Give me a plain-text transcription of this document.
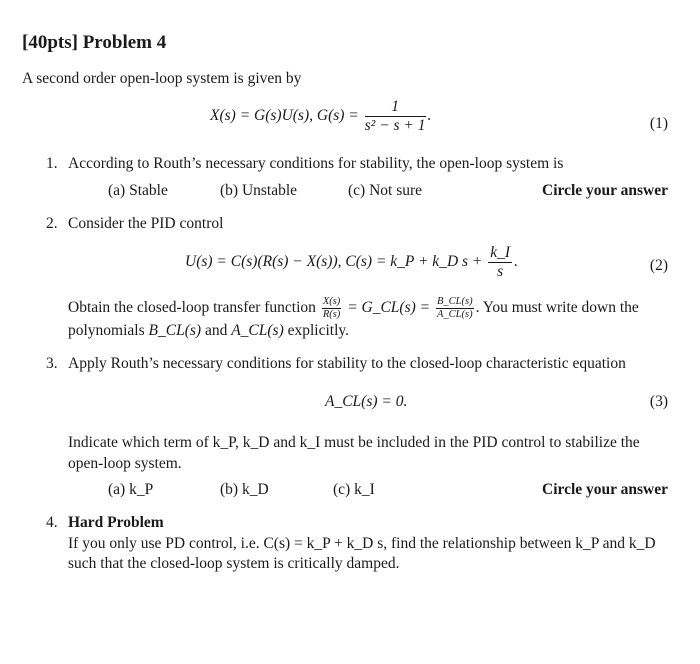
[40pts] Problem 4
A second order open-loop system is given by
X(s) = G(s)U(s), $G(s) = \frac{1}{\text{s² − s + 1}}$ .	(1)
1. According to Routh’s necessary conditions for stability, the open-loop system is
(a) Stable	(b) Unstable	(c) Not sure	Circle your answer
2. Consider the PID control
U(s) = C(s)(R(s) − X(s)), C(s) = k_P + k_D $s + \frac{k\_I}{s}$ .	(2)
Obtain the closed-loop transfer function $\frac{X(s)}{R(s)}$ = G_CL(s) = $\frac{B\_CL(s)}{A\_CL(s)}$ . You must write down the
polynomials B_CL(s) and A_CL(s) explicitly.
3. Apply Routh’s necessary conditions for stability to the closed-loop characteristic equation
A_CL(s) = 0.	(3)
Indicate which term of k_P, k_D and k_I must be included in the PID control to stabilize the
open-loop system.
(a) k_P	(b) k_D	(c) k_I	Circle your answer
4. Hard Problem
If you only use PD control, i.e. C(s) = k_P + k_D s, find the relationship between k_P and k_D
such that the closed-loop system is critically damped.
